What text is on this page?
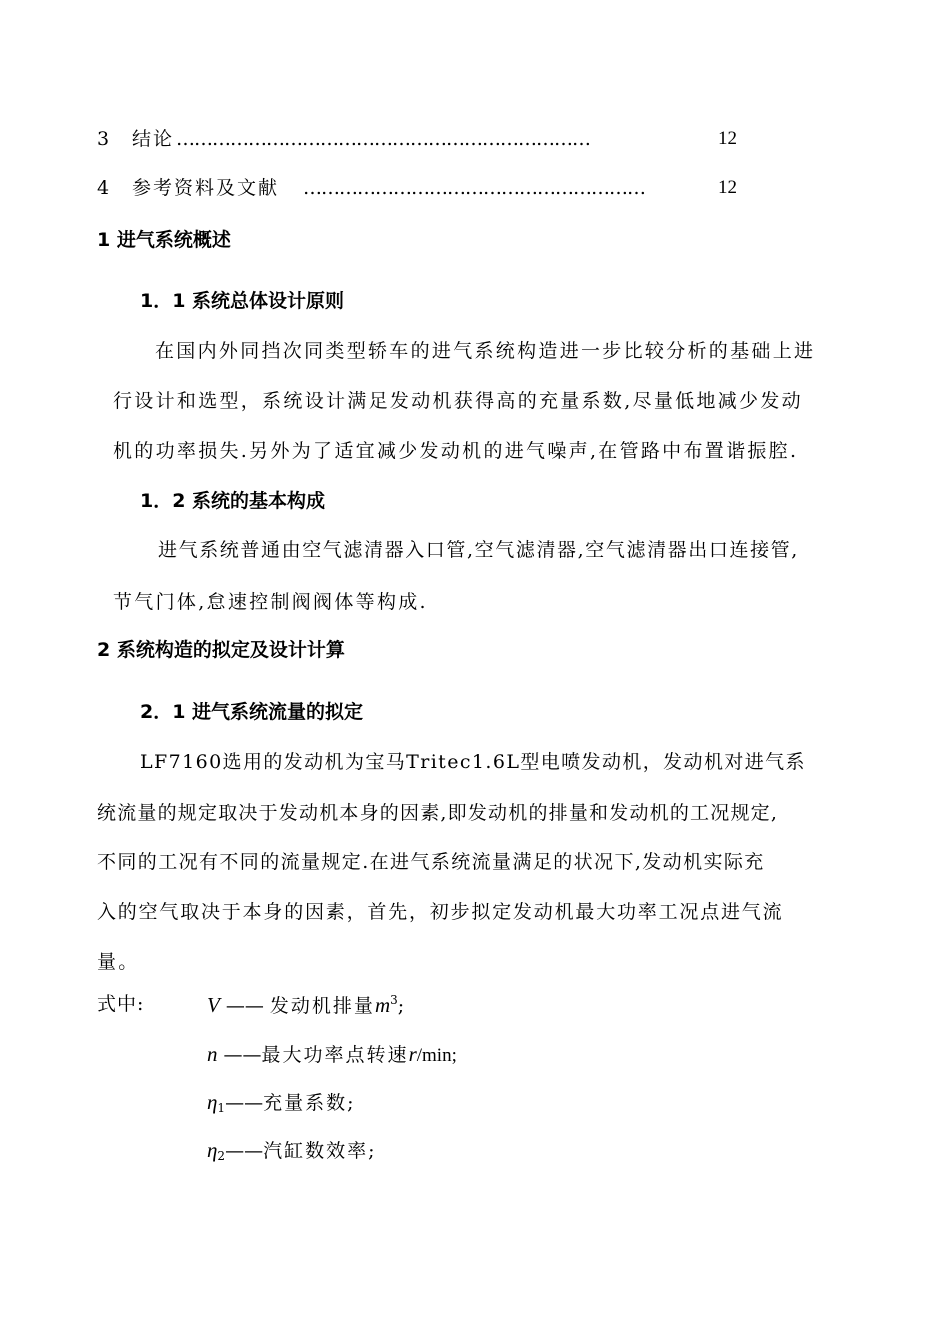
3 结论 ……………………………………………………………	12
4 参考资料及文献 …………………………………………………	12
1 进气系统概述
1．1 系统总体设计原则
在国内外同挡次同类型轿车的进气系统构造进一步比较分析的基础上进
行设计和选型，系统设计满足发动机获得高的充量系数,尽量低地减少发动
机的功率损失.另外为了适宜减少发动机的进气噪声,在管路中布置谐振腔.
1．2 系统的基本构成
进气系统普通由空气滤清器入口管,空气滤清器,空气滤清器出口连接管,
节气门体,怠速控制阀阀体等构成.
2 系统构造的拟定及设计计算
2．1 进气系统流量的拟定
LF7160选用的发动机为宝马Tritec1.6L型电喷发动机，发动机对进气系
统流量的规定取决于发动机本身的因素,即发动机的排量和发动机的工况规定,
不同的工况有不同的流量规定.在进气系统流量满足的状况下,发动机实际充
入的空气取决于本身的因素，首先，初步拟定发动机最大功率工况点进气流
量。
式中:	V —— 发动机排量$m^3$;
n ——最大功率点转速r/min;
$\eta_1——$充量系数;
$\eta_2——$汽缸数效率;
